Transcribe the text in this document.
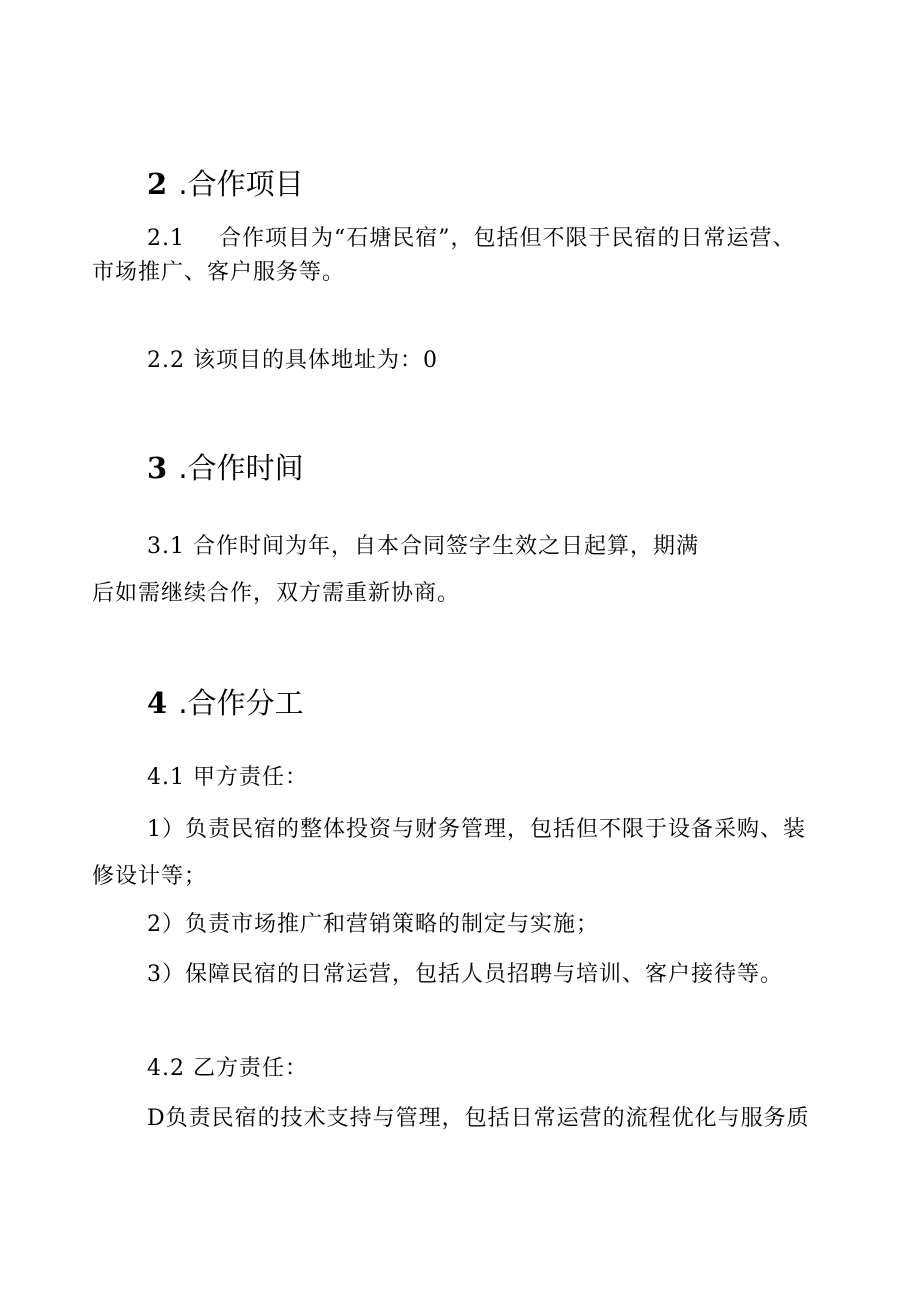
2 .合作项目

2.1 合作项目为“石塘民宿”，包括但不限于民宿的日常运营、

市场推广、客户服务等。

2.2 该项目的具体地址为：0

3 .合作时间

3.1 合作时间为年，自本合同签字生效之日起算，期满

后如需继续合作，双方需重新协商。

4 .合作分工

4.1 甲方责任：

1）负责民宿的整体投资与财务管理，包括但不限于设备采购、装

修设计等；

2）负责市场推广和营销策略的制定与实施；

3）保障民宿的日常运营，包括人员招聘与培训、客户接待等。

4.2 乙方责任：

D负责民宿的技术支持与管理，包括日常运营的流程优化与服务质
